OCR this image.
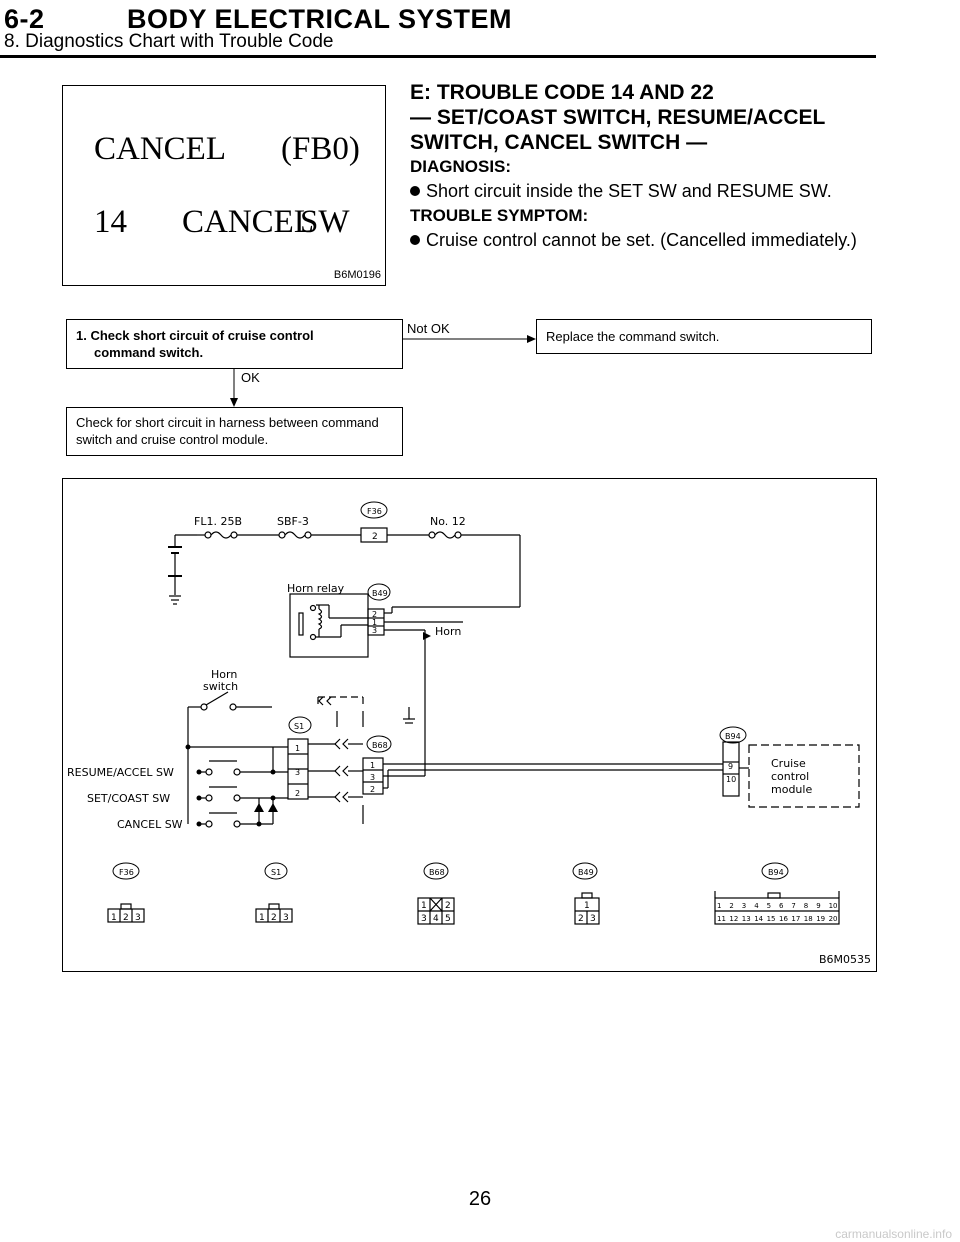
6-2	BODY ELECTRICAL SYSTEM
8. Diagnostics Chart with Trouble Code
CANCEL (FB0)
14 CANCEL
SW
B6M0196
E: TROUBLE CODE 14 AND 22
— SET/COAST SWITCH, RESUME/ACCEL
SWITCH, CANCEL SWITCH —
DIAGNOSIS:
Short circuit inside the SET SW and RESUME SW.
TROUBLE SYMPTOM:
Cruise control cannot be set. (Cancelled immediately.)
1. Check short circuit of cruise control
command switch.
Not OK
Replace the command switch.
OK
Check for short circuit in harness between command
switch and cruise control module.
FL1. 25B	SBF-3	No. 12
F36
2
Horn relay	B49
2
1
3	Horn
Horn
switch
S1
1
3
2
B68
1
3
2
B94
9
10
Cruise
control
module
RESUME/ACCEL SW
SET/COAST SW
CANCEL SW
F36	S1	B68	B49	B94
1 2 3	1 2 3
1 2
3 4 5
1
2 3
1 2 3 4 5 6 7 8 9 10
11 12 13 14 15 16 17 18 19 20
B6M0535
26
carmanualsonline.info
